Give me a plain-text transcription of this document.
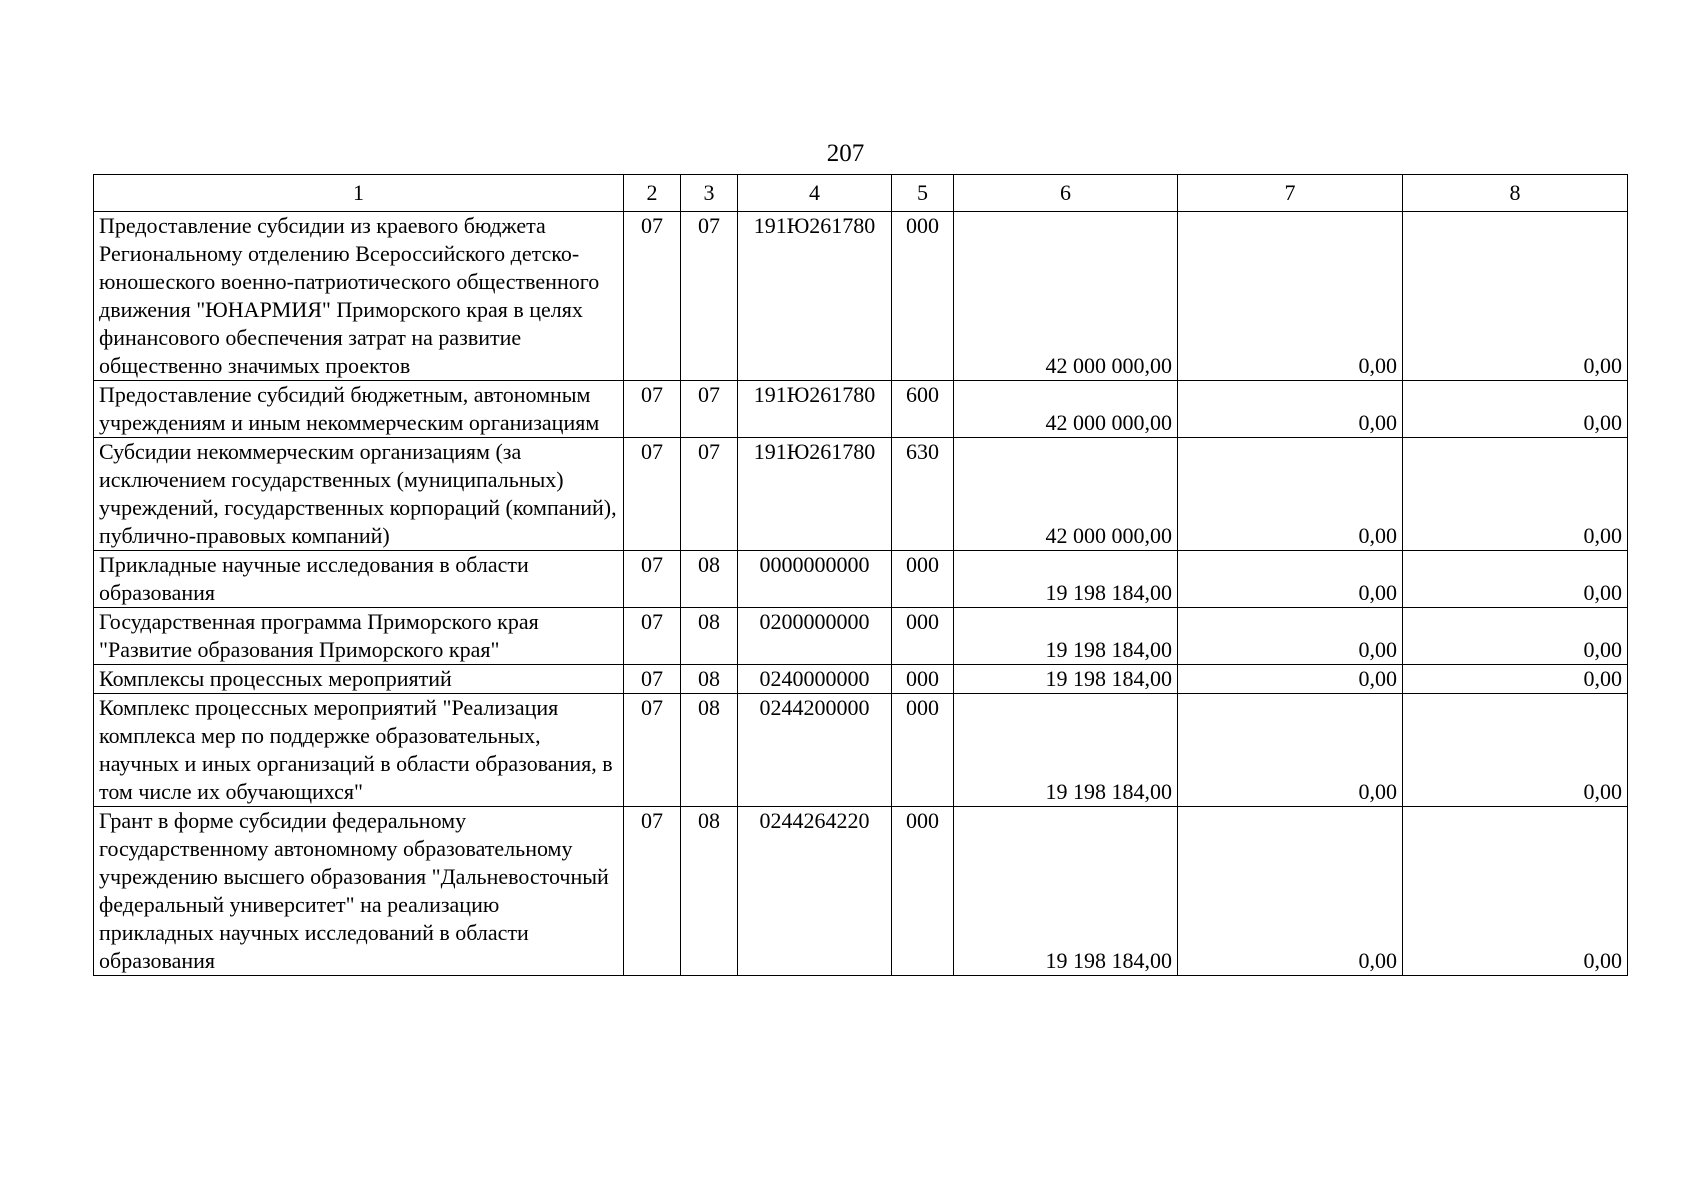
207
1	2	3	4	5	6	7	8
Предоставление субсидии из краевого бюджета Региональному отделению Всероссийского детско-юношеского военно-патриотического общественного движения "ЮНАРМИЯ" Приморского края в целях финансового обеспечения затрат на развитие общественно значимых проектов	07	07	191Ю261780	000	42 000 000,00	0,00	0,00
Предоставление субсидий бюджетным, автономным учреждениям и иным некоммерческим организациям	07	07	191Ю261780	600	42 000 000,00	0,00	0,00
Субсидии некоммерческим организациям (за исключением государственных (муниципальных) учреждений, государственных корпораций (компаний), публично-правовых компаний)	07	07	191Ю261780	630	42 000 000,00	0,00	0,00
Прикладные научные исследования в области образования	07	08	0000000000	000	19 198 184,00	0,00	0,00
Государственная программа Приморского края "Развитие образования Приморского края"	07	08	0200000000	000	19 198 184,00	0,00	0,00
Комплексы процессных мероприятий	07	08	0240000000	000	19 198 184,00	0,00	0,00
Комплекс процессных мероприятий "Реализация комплекса мер по поддержке образовательных, научных и иных организаций в области образования, в том числе их обучающихся"	07	08	0244200000	000	19 198 184,00	0,00	0,00
Грант в форме субсидии федеральному государственному автономному образовательному учреждению высшего образования "Дальневосточный федеральный университет" на реализацию прикладных научных исследований в области образования	07	08	0244264220	000	19 198 184,00	0,00	0,00
